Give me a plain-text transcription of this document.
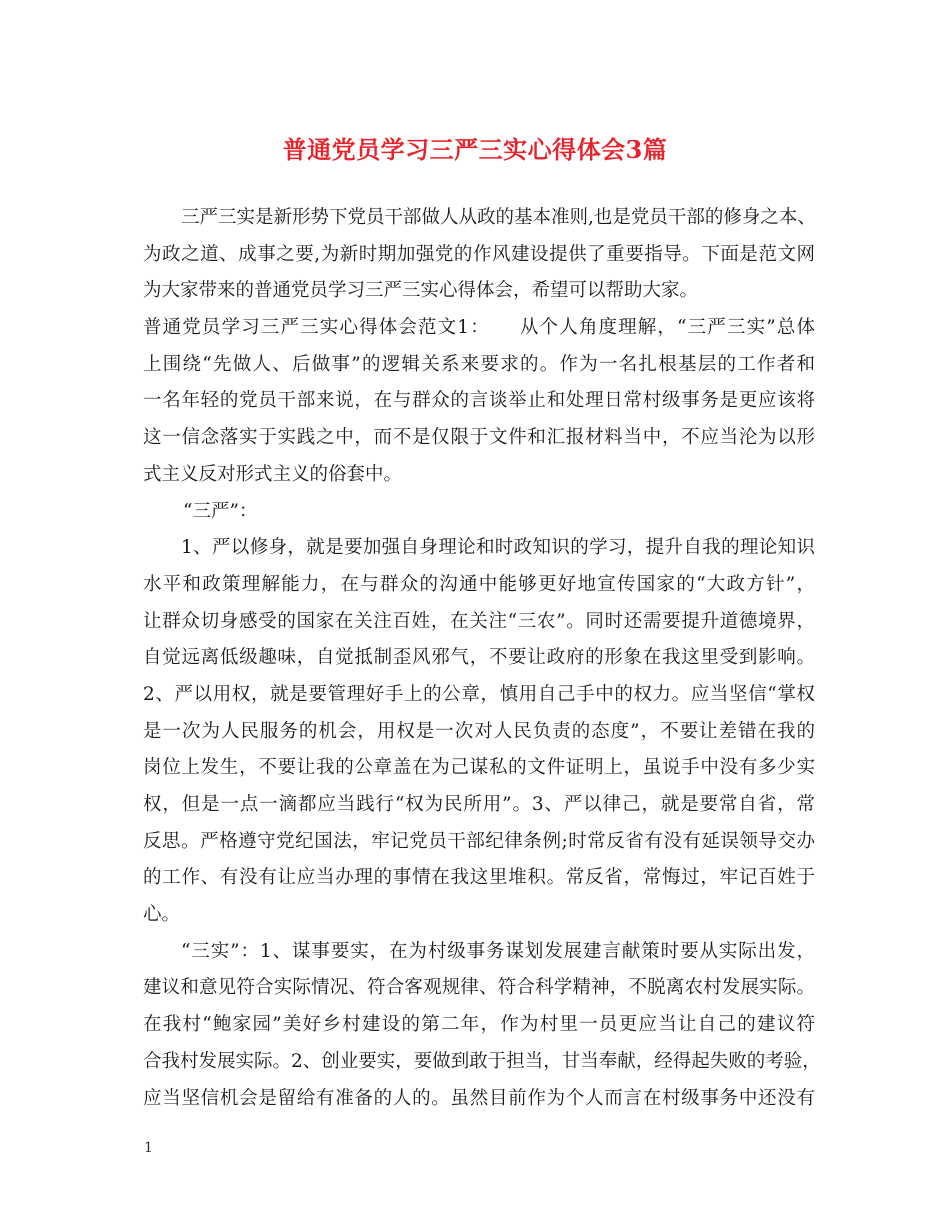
普通党员学习三严三实心得体会3篇
三严三实是新形势下党员干部做人从政的基本准则,也是党员干部的修身之本、
为政之道、成事之要,为新时期加强党的作风建设提供了重要指导。下面是范文网
为大家带来的普通党员学习三严三实心得体会，希望可以帮助大家。
普通党员学习三严三实心得体会范文1：　　从个人角度理解，“三严三实”总体
上围绕“先做人、后做事”的逻辑关系来要求的。作为一名扎根基层的工作者和
一名年轻的党员干部来说，在与群众的言谈举止和处理日常村级事务是更应该将
这一信念落实于实践之中，而不是仅限于文件和汇报材料当中，不应当沦为以形
式主义反对形式主义的俗套中。
“三严”：
1、严以修身，就是要加强自身理论和时政知识的学习，提升自我的理论知识
水平和政策理解能力，在与群众的沟通中能够更好地宣传国家的“大政方针”，
让群众切身感受的国家在关注百姓，在关注“三农”。同时还需要提升道德境界，
自觉远离低级趣味，自觉抵制歪风邪气，不要让政府的形象在我这里受到影响。
2、严以用权，就是要管理好手上的公章，慎用自己手中的权力。应当坚信“掌权
是一次为人民服务的机会，用权是一次对人民负责的态度”，不要让差错在我的
岗位上发生，不要让我的公章盖在为己谋私的文件证明上，虽说手中没有多少实
权，但是一点一滴都应当践行“权为民所用”。3、严以律己，就是要常自省，常
反思。严格遵守党纪国法，牢记党员干部纪律条例;时常反省有没有延误领导交办
的工作、有没有让应当办理的事情在我这里堆积。常反省，常悔过，牢记百姓于
心。
“三实”：1、谋事要实，在为村级事务谋划发展建言献策时要从实际出发，
建议和意见符合实际情况、符合客观规律、符合科学精神，不脱离农村发展实际。
在我村“鲍家园”美好乡村建设的第二年，作为村里一员更应当让自己的建议符
合我村发展实际。2、创业要实，要做到敢于担当，甘当奉献，经得起失败的考验，
应当坚信机会是留给有准备的人的。虽然目前作为个人而言在村级事务中还没有
1
